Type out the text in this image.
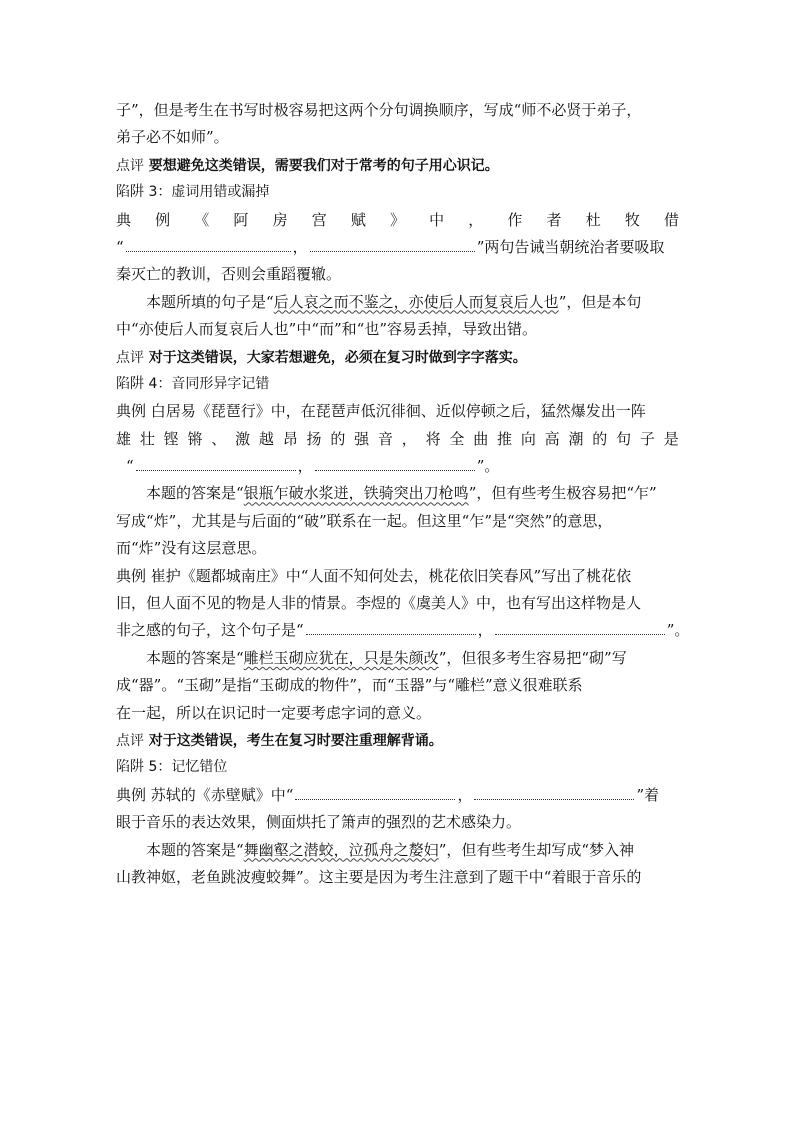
子”，但是考生在书写时极容易把这两个分句调换顺序，写成“师不必贤于弟子，
弟子必不如师”。
点评 要想避免这类错误，需要我们对于常考的句子用心识记。
陷阱 3：虚词用错或漏掉
典 例 《 阿 房 宫 赋 》 中 ， 作 者 杜 牧 借
“	，	”两句告诫当朝统治者要吸取
秦灭亡的教训，否则会重蹈覆辙。
本题所填的句子是“后人哀之而不鉴之，亦使后人而复哀后人也”，但是本句
中“亦使后人而复哀后人也”中“而”和“也”容易丢掉，导致出错。
点评 对于这类错误，大家若想避免，必须在复习时做到字字落实。
陷阱 4：音同形异字记错
典例 白居易《琵琶行》中，在琵琶声低沉徘徊、近似停顿之后，猛然爆发出一阵
雄 壮 铿 锵 、 激 越 昂 扬 的 强 音 ， 将 全 曲 推 向 高 潮 的 句 子 是
“	，	”。
本题的答案是“银瓶乍破水浆迸，铁骑突出刀枪鸣”，但有些考生极容易把“乍”
写成“炸”，尤其是与后面的“破”联系在一起。但这里“乍”是“突然”的意思，
而“炸”没有这层意思。
典例 崔护《题都城南庄》中“人面不知何处去，桃花依旧笑春风”写出了桃花依
旧，但人面不见的物是人非的情景。李煜的《虞美人》中，也有写出这样物是人
非之感的句子，这个句子是“	，	”。
本题的答案是“雕栏玉砌应犹在，只是朱颜改”，但很多考生容易把“砌”写
成“器”。“玉砌”是指“玉砌成的物件”，而“玉器”与“雕栏”意义很难联系
在一起，所以在识记时一定要考虑字词的意义。
点评 对于这类错误，考生在复习时要注重理解背诵。
陷阱 5：记忆错位
典例 苏轼的《赤壁赋》中“	，	”着
眼于音乐的表达效果，侧面烘托了箫声的强烈的艺术感染力。
本题的答案是“舞幽壑之潜蛟，泣孤舟之嫠妇”，但有些考生却写成“梦入神
山教神妪，老鱼跳波瘦蛟舞”。这主要是因为考生注意到了题干中“着眼于音乐的
